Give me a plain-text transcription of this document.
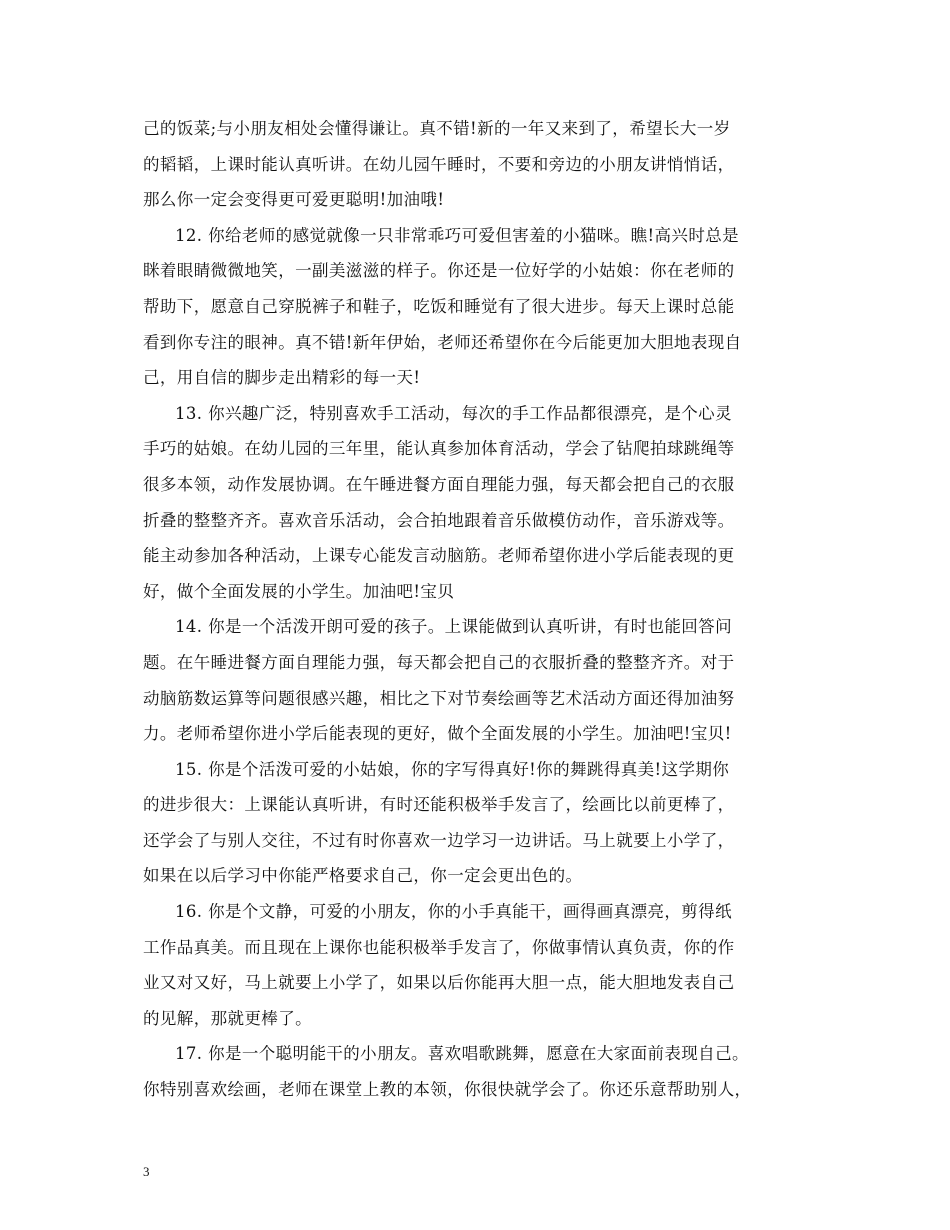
己的饭菜;与小朋友相处会懂得谦让。真不错!新的一年又来到了，希望长大一岁
的韬韬，上课时能认真听讲。在幼儿园午睡时，不要和旁边的小朋友讲悄悄话，
那么你一定会变得更可爱更聪明!加油哦!
12. 你给老师的感觉就像一只非常乖巧可爱但害羞的小猫咪。瞧!高兴时总是
眯着眼睛微微地笑，一副美滋滋的样子。你还是一位好学的小姑娘：你在老师的
帮助下，愿意自己穿脱裤子和鞋子，吃饭和睡觉有了很大进步。每天上课时总能
看到你专注的眼神。真不错!新年伊始，老师还希望你在今后能更加大胆地表现自
己，用自信的脚步走出精彩的每一天!
13. 你兴趣广泛，特别喜欢手工活动，每次的手工作品都很漂亮，是个心灵
手巧的姑娘。在幼儿园的三年里，能认真参加体育活动，学会了钻爬拍球跳绳等
很多本领，动作发展协调。在午睡进餐方面自理能力强，每天都会把自己的衣服
折叠的整整齐齐。喜欢音乐活动，会合拍地跟着音乐做模仿动作，音乐游戏等。
能主动参加各种活动，上课专心能发言动脑筋。老师希望你进小学后能表现的更
好，做个全面发展的小学生。加油吧!宝贝
14. 你是一个活泼开朗可爱的孩子。上课能做到认真听讲，有时也能回答问
题。在午睡进餐方面自理能力强，每天都会把自己的衣服折叠的整整齐齐。对于
动脑筋数运算等问题很感兴趣，相比之下对节奏绘画等艺术活动方面还得加油努
力。老师希望你进小学后能表现的更好，做个全面发展的小学生。加油吧!宝贝!
15. 你是个活泼可爱的小姑娘，你的字写得真好!你的舞跳得真美!这学期你
的进步很大：上课能认真听讲，有时还能积极举手发言了，绘画比以前更棒了，
还学会了与别人交往，不过有时你喜欢一边学习一边讲话。马上就要上小学了，
如果在以后学习中你能严格要求自己，你一定会更出色的。
16. 你是个文静，可爱的小朋友，你的小手真能干，画得画真漂亮，剪得纸
工作品真美。而且现在上课你也能积极举手发言了，你做事情认真负责，你的作
业又对又好，马上就要上小学了，如果以后你能再大胆一点，能大胆地发表自己
的见解，那就更棒了。
17. 你是一个聪明能干的小朋友。喜欢唱歌跳舞，愿意在大家面前表现自己。
你特别喜欢绘画，老师在课堂上教的本领，你很快就学会了。你还乐意帮助别人，
3
